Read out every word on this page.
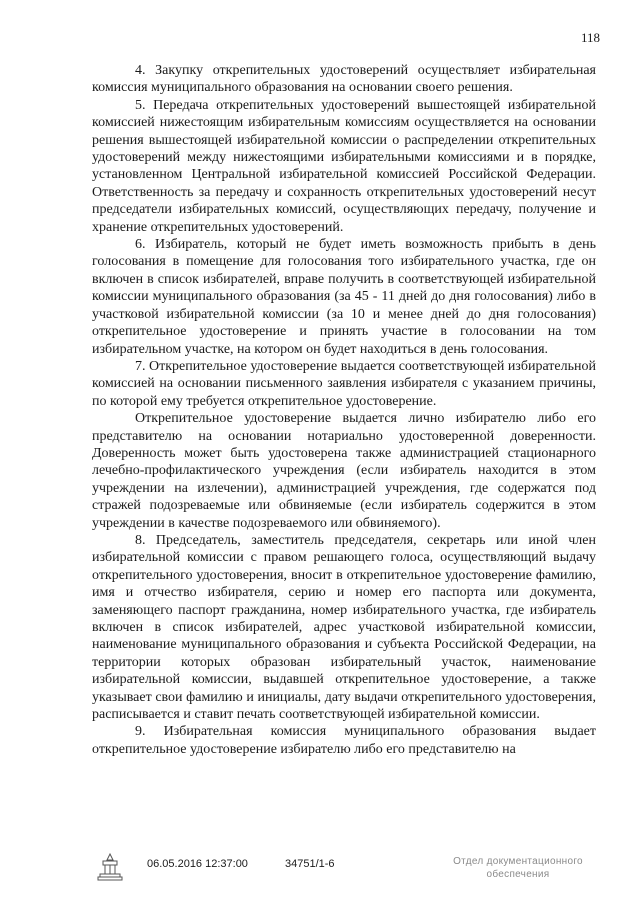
118

4. Закупку открепительных удостоверений осуществляет избирательная комиссия муниципального образования на основании своего решения.

5. Передача открепительных удостоверений вышестоящей избирательной комиссией нижестоящим избирательным комиссиям осуществляется на основании решения вышестоящей избирательной комиссии о распределении открепительных удостоверений между нижестоящими избирательными комиссиями и в порядке, установленном Центральной избирательной комиссией Российской Федерации. Ответственность за передачу и сохранность открепительных удостоверений несут председатели избирательных комиссий, осуществляющих передачу, получение и хранение открепительных удостоверений.

6. Избиратель, который не будет иметь возможность прибыть в день голосования в помещение для голосования того избирательного участка, где он включен в список избирателей, вправе получить в соответствующей избирательной комиссии муниципального образования (за 45 - 11 дней до дня голосования) либо в участковой избирательной комиссии (за 10 и менее дней до дня голосования) открепительное удостоверение и принять участие в голосовании на том избирательном участке, на котором он будет находиться в день голосования.

7. Открепительное удостоверение выдается соответствующей избирательной комиссией на основании письменного заявления избирателя с указанием причины, по которой ему требуется открепительное удостоверение.

Открепительное удостоверение выдается лично избирателю либо его представителю на основании нотариально удостоверенной доверенности. Доверенность может быть удостоверена также администрацией стационарного лечебно-профилактического учреждения (если избиратель находится в этом учреждении на излечении), администрацией учреждения, где содержатся под стражей подозреваемые или обвиняемые (если избиратель содержится в этом учреждении в качестве подозреваемого или обвиняемого).

8. Председатель, заместитель председателя, секретарь или иной член избирательной комиссии с правом решающего голоса, осуществляющий выдачу открепительного удостоверения, вносит в открепительное удостоверение фамилию, имя и отчество избирателя, серию и номер его паспорта или документа, заменяющего паспорт гражданина, номер избирательного участка, где избиратель включен в список избирателей, адрес участковой избирательной комиссии, наименование муниципального образования и субъекта Российской Федерации, на территории которых образован избирательный участок, наименование избирательной комиссии, выдавшей открепительное удостоверение, а также указывает свои фамилию и инициалы, дату выдачи открепительного удостоверения, расписывается и ставит печать соответствующей избирательной комиссии.

9. Избирательная комиссия муниципального образования выдает открепительное удостоверение избирателю либо его представителю на

06.05.2016 12:37:00	34751/1-6	Отдел документационного
обеспечения
